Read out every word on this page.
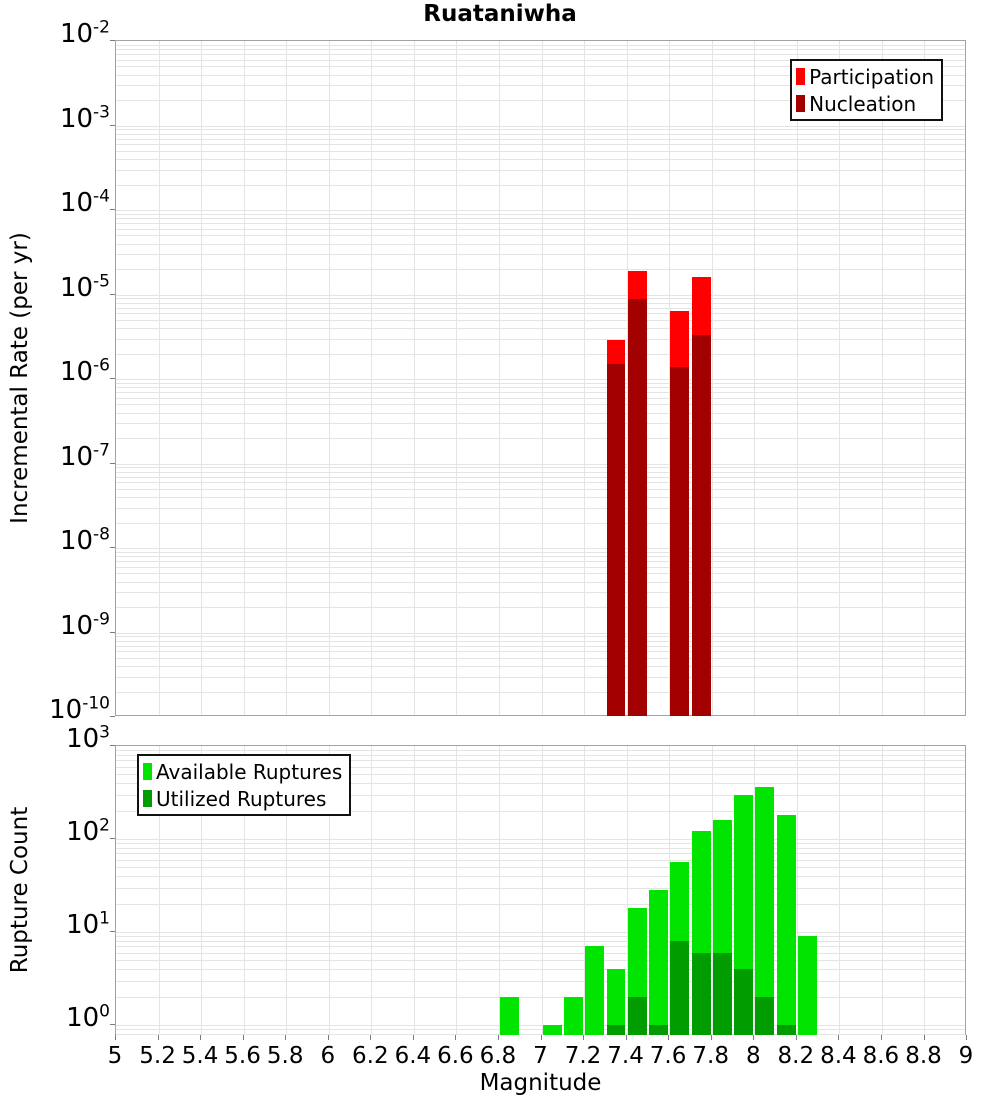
Ruataniwha
Participation
Nucleation
Available Ruptures
Utilized Ruptures
Incremental Rate (per yr)
Rupture Count
Magnitude
$10^{-2}$
$10^{-3}$
$10^{-4}$
$10^{-5}$
$10^{-6}$
$10^{-7}$
$10^{-8}$
$10^{-9}$
$10^{-10}$
$10^3$
$10^2$
$10^1$
$10^0$
5 5.2 5.4 5.6 5.8 6 6.2 6.4 6.6 6.8 7 7.2 7.4 7.6 7.8 8 8.2 8.4 8.6 8.8 9
